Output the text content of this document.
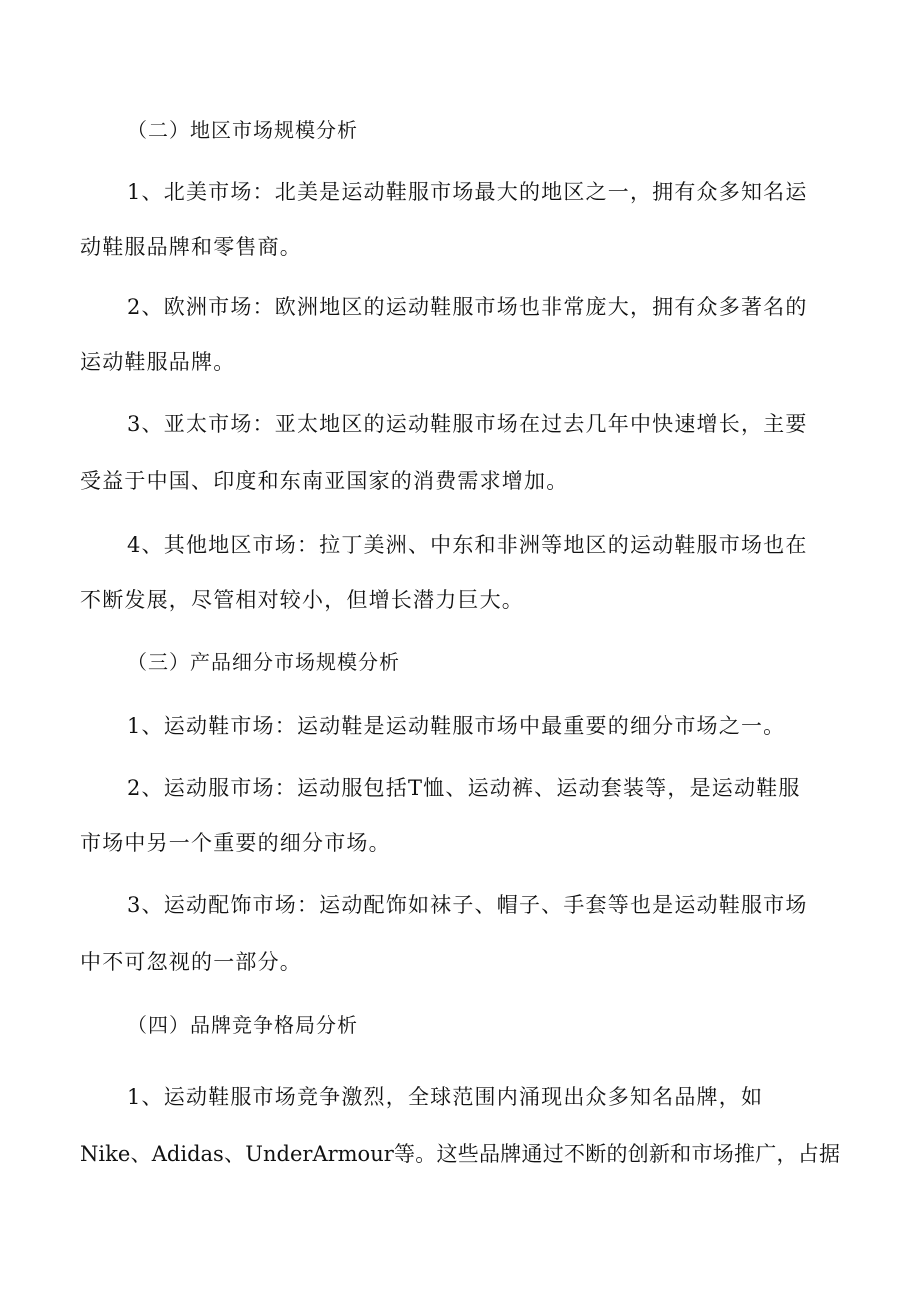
（二）地区市场规模分析
1、北美市场：北美是运动鞋服市场最大的地区之一，拥有众多知名运
动鞋服品牌和零售商。
2、欧洲市场：欧洲地区的运动鞋服市场也非常庞大，拥有众多著名的
运动鞋服品牌。
3、亚太市场：亚太地区的运动鞋服市场在过去几年中快速增长，主要
受益于中国、印度和东南亚国家的消费需求增加。
4、其他地区市场：拉丁美洲、中东和非洲等地区的运动鞋服市场也在
不断发展，尽管相对较小，但增长潜力巨大。
（三）产品细分市场规模分析
1、运动鞋市场：运动鞋是运动鞋服市场中最重要的细分市场之一。
2、运动服市场：运动服包括T恤、运动裤、运动套装等，是运动鞋服
市场中另一个重要的细分市场。
3、运动配饰市场：运动配饰如袜子、帽子、手套等也是运动鞋服市场
中不可忽视的一部分。
（四）品牌竞争格局分析
1、运动鞋服市场竞争激烈，全球范围内涌现出众多知名品牌，如
Nike、Adidas、UnderArmour等。这些品牌通过不断的创新和市场推广，占据
